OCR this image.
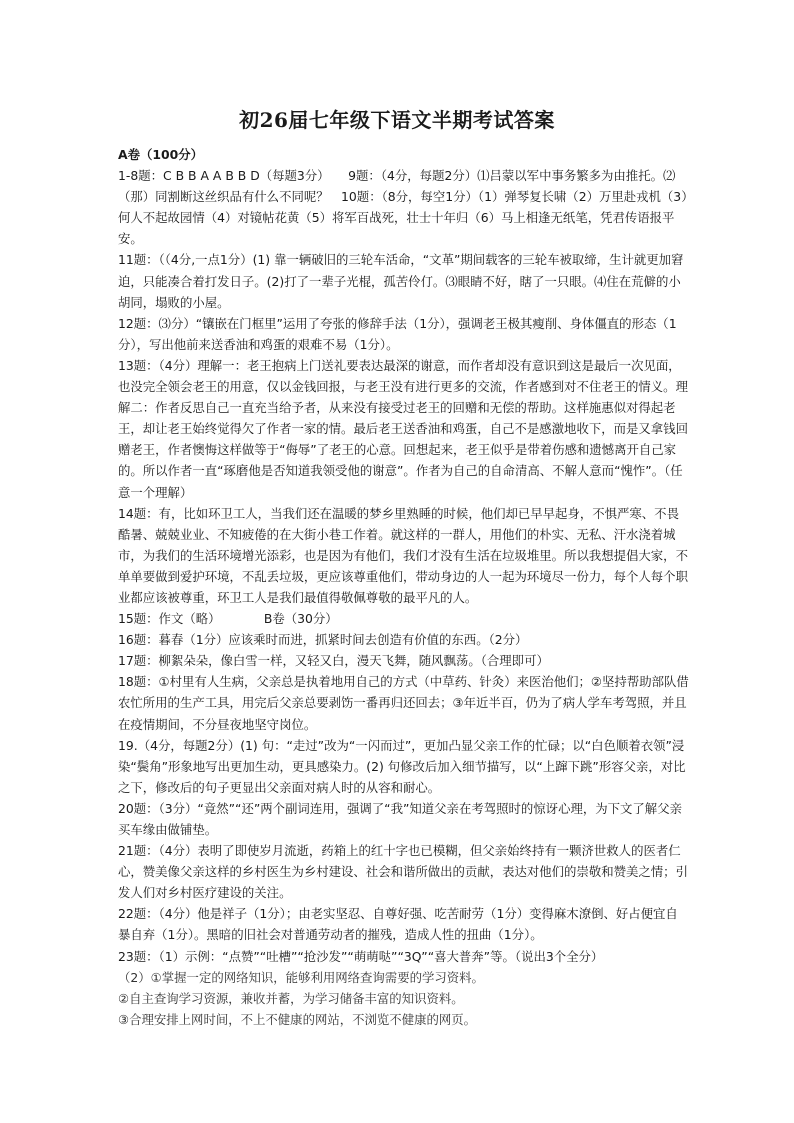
初26届七年级下语文半期考试答案

A卷（100分）

1-8题：C B B A A B B D（每题3分）　　9题：（4分，每题2分）⑴吕蒙以军中事务繁多为由推托。⑵（那）同割断这丝织品有什么不同呢？　10题：（8分，每空1分）（1）弹琴复长啸（2）万里赴戎机（3）何人不起故园情（4）对镜帖花黄（5）将军百战死，壮士十年归（6）马上相逢无纸笔，凭君传语报平安。

11题：（（4分,一点1分）(1) 靠一辆破旧的三轮车活命，“文革”期间载客的三轮车被取缔，生计就更加窘迫，只能凑合着打发日子。(2)打了一辈子光棍，孤苦伶仃。⑶眼睛不好，瞎了一只眼。⑷住在荒僻的小胡同，塌败的小屋。

12题：⑶分）“镶嵌在门框里”运用了夸张的修辞手法（1分），强调老王极其瘦削、身体僵直的形态（1分），写出他前来送香油和鸡蛋的艰难不易（1分）。

13题：（4分）理解一：老王抱病上门送礼要表达最深的谢意，而作者却没有意识到这是最后一次见面，也没完全领会老王的用意，仅以金钱回报，与老王没有进行更多的交流，作者感到对不住老王的情义。理解二：作者反思自己一直充当给予者，从来没有接受过老王的回赠和无偿的帮助。这样施惠似对得起老王，却让老王始终觉得欠了作者一家的情。最后老王送香油和鸡蛋，自己不是感激地收下，而是又拿钱回赠老王，作者懊悔这样做等于“侮辱”了老王的心意。回想起来，老王似乎是带着伤感和遗憾离开自己家的。所以作者一直“琢磨他是否知道我领受他的谢意”。作者为自己的自命清高、不解人意而“愧怍”。（任意一个理解）

14题：有，比如环卫工人，当我们还在温暖的梦乡里熟睡的时候，他们却已早早起身，不惧严寒、不畏酷暑、兢兢业业、不知疲倦的在大街小巷工作着。就这样的一群人，用他们的朴实、无私、汗水浇着城市，为我们的生活环境增光添彩，也是因为有他们，我们才没有生活在垃圾堆里。所以我想提倡大家，不单单要做到爱护环境，不乱丢垃圾，更应该尊重他们，带动身边的人一起为环境尽一份力，每个人每个职业都应该被尊重，环卫工人是我们最值得敬佩尊敬的最平凡的人。

15题：作文（略）　　　　B卷（30分）

16题：暮春（1分）应该乘时而进，抓紧时间去创造有价值的东西。（2分）

17题：柳絮朵朵，像白雪一样，又轻又白，漫天飞舞，随风飘荡。（合理即可）

18题：①村里有人生病，父亲总是执着地用自己的方式（中草药、针灸）来医治他们；②坚持帮助部队借农忙所用的生产工具，用完后父亲总要剥饬一番再归还回去；③年近半百，仍为了病人学车考驾照，并且在疫情期间，不分昼夜地坚守岗位。

19.（4分，每题2分）(1) 句：“走过”改为“一闪而过”，更加凸显父亲工作的忙碌；以“白色顺着衣领”浸染“鬓角”形象地写出更加生动，更具感染力。(2) 句修改后加入细节描写，以“上蹿下跳”形容父亲，对比之下，修改后的句子更显出父亲面对病人时的从容和耐心。

20题：（3分）“竟然”“还”两个副词连用，强调了“我”知道父亲在考驾照时的惊讶心理，为下文了解父亲买车缘由做铺垫。

21题：（4分）表明了即使岁月流逝，药箱上的红十字也已模糊，但父亲始终持有一颗济世救人的医者仁心，赞美像父亲这样的乡村医生为乡村建设、社会和谐所做出的贡献，表达对他们的崇敬和赞美之情；引发人们对乡村医疗建设的关注。

22题：（4分）他是祥子（1分）；由老实坚忍、自尊好强、吃苦耐劳（1分）变得麻木潦倒、好占便宜自暴自弃（1分）。黑暗的旧社会对普通劳动者的摧残，造成人性的扭曲（1分）。

23题：（1）示例：“点赞”“吐槽”“抢沙发”“萌萌哒”“3Q”“喜大普奔”等。（说出3个全分）

（2）①掌握一定的网络知识，能够利用网络查询需要的学习资料。

②自主查询学习资源，兼收并蓄，为学习储备丰富的知识资料。

③合理安排上网时间，不上不健康的网站，不浏览不健康的网页。
